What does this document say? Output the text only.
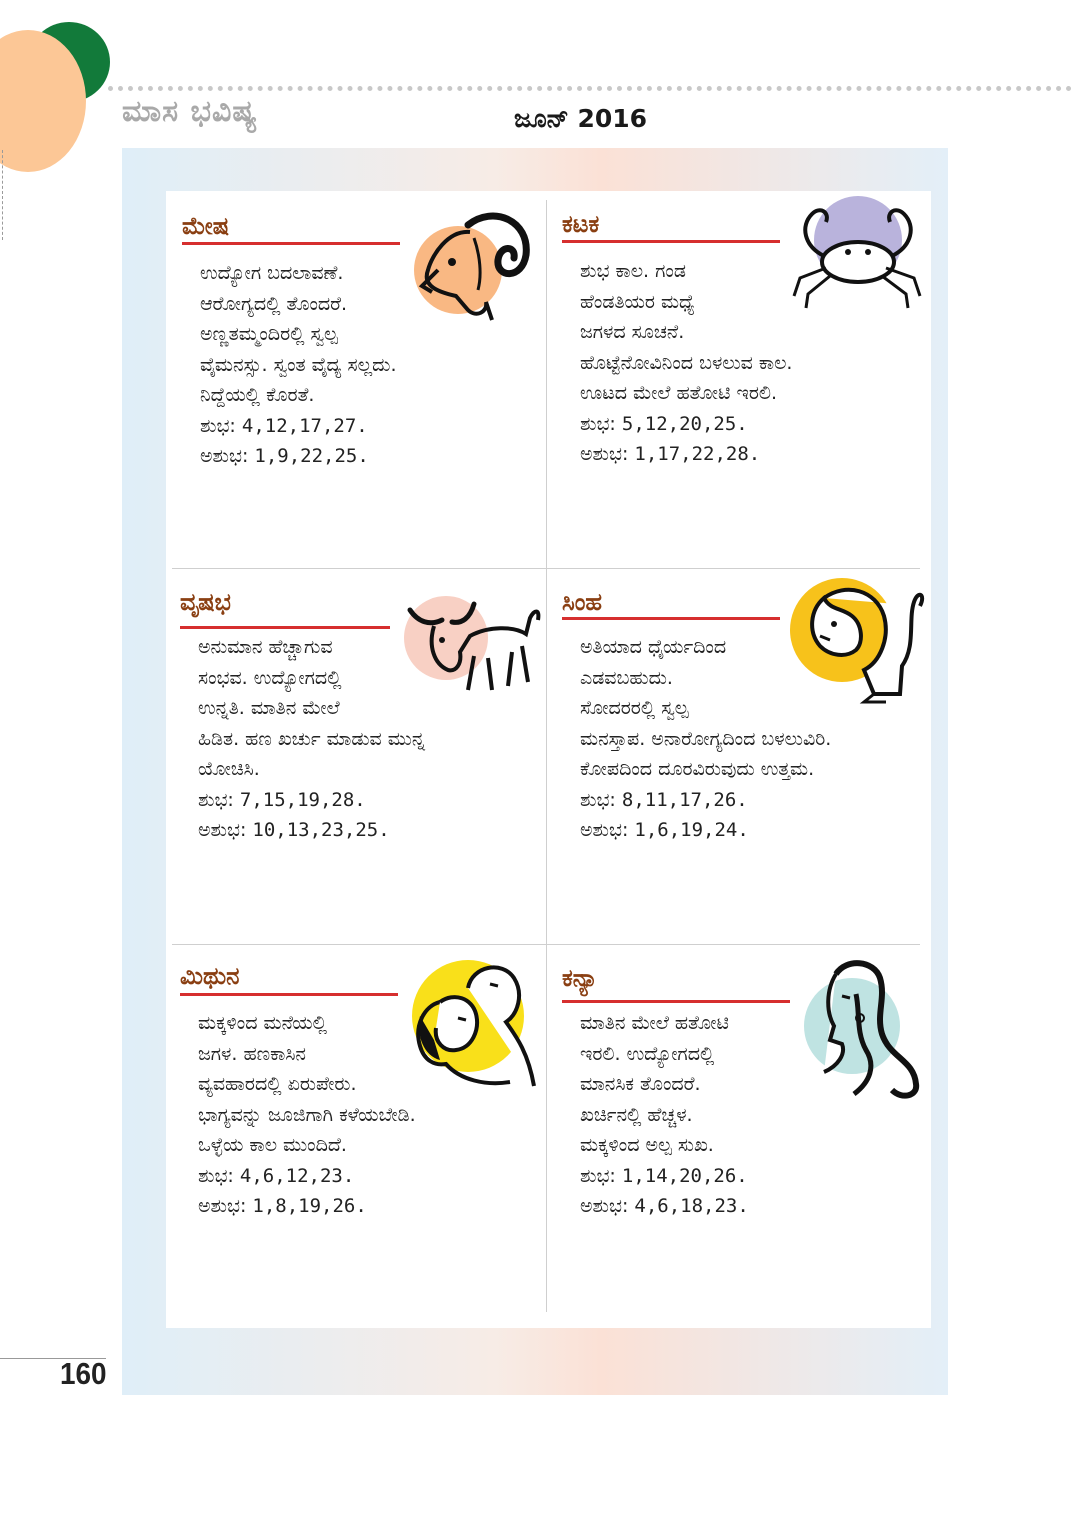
ಮಾಸ ಭವಿಷ್ಯ	ಜೂನ್ 2016
ಮೇಷ
ಉದ್ಯೋಗ ಬದಲಾವಣೆ.
ಆರೋಗ್ಯದಲ್ಲಿ ತೊಂದರೆ.
ಅಣ್ಣತಮ್ಮಂದಿರಲ್ಲಿ ಸ್ವಲ್ಪ
ವೈಮನಸ್ಸು. ಸ್ವಂತ ವೈದ್ಯ ಸಲ್ಲದು.
ನಿದ್ದೆಯಲ್ಲಿ ಕೊರತೆ.
ಶುಭ: 4,12,17,27.
ಅಶುಭ: 1,9,22,25.
ಕಟಕ
ಶುಭ ಕಾಲ. ಗಂಡ
ಹೆಂಡತಿಯರ ಮಧ್ಯೆ
ಜಗಳದ ಸೂಚನೆ.
ಹೊಟ್ಟೆನೋವಿನಿಂದ ಬಳಲುವ ಕಾಲ.
ಊಟದ ಮೇಲೆ ಹತೋಟಿ ಇರಲಿ.
ಶುಭ: 5,12,20,25.
ಅಶುಭ: 1,17,22,28.
ವೃಷಭ
ಅನುಮಾನ ಹೆಚ್ಚಾಗುವ
ಸಂಭವ. ಉದ್ಯೋಗದಲ್ಲಿ
ಉನ್ನತಿ. ಮಾತಿನ ಮೇಲೆ
ಹಿಡಿತ. ಹಣ ಖರ್ಚು ಮಾಡುವ ಮುನ್ನ
ಯೋಚಿಸಿ.
ಶುಭ: 7,15,19,28.
ಅಶುಭ: 10,13,23,25.
ಸಿಂಹ
ಅತಿಯಾದ ಧೈರ್ಯದಿಂದ
ಎಡವಬಹುದು.
ಸೋದರರಲ್ಲಿ ಸ್ವಲ್ಪ
ಮನಸ್ತಾಪ. ಅನಾರೋಗ್ಯದಿಂದ ಬಳಲುವಿರಿ.
ಕೋಪದಿಂದ ದೂರವಿರುವುದು ಉತ್ತಮ.
ಶುಭ: 8,11,17,26.
ಅಶುಭ: 1,6,19,24.
ಮಿಥುನ
ಮಕ್ಕಳಿಂದ ಮನೆಯಲ್ಲಿ
ಜಗಳ. ಹಣಕಾಸಿನ
ವ್ಯವಹಾರದಲ್ಲಿ ಏರುಪೇರು.
ಭಾಗ್ಯವನ್ನು ಜೂಜಿಗಾಗಿ ಕಳೆಯಬೇಡಿ.
ಒಳ್ಳೆಯ ಕಾಲ ಮುಂದಿದೆ.
ಶುಭ: 4,6,12,23.
ಅಶುಭ: 1,8,19,26.
ಕನ್ಯಾ
ಮಾತಿನ ಮೇಲೆ ಹತೋಟಿ
ಇರಲಿ. ಉದ್ಯೋಗದಲ್ಲಿ
ಮಾನಸಿಕ ತೊಂದರೆ.
ಖರ್ಚಿನಲ್ಲಿ ಹೆಚ್ಚಳ.
ಮಕ್ಕಳಿಂದ ಅಲ್ಪ ಸುಖ.
ಶುಭ: 1,14,20,26.
ಅಶುಭ: 4,6,18,23.
160
